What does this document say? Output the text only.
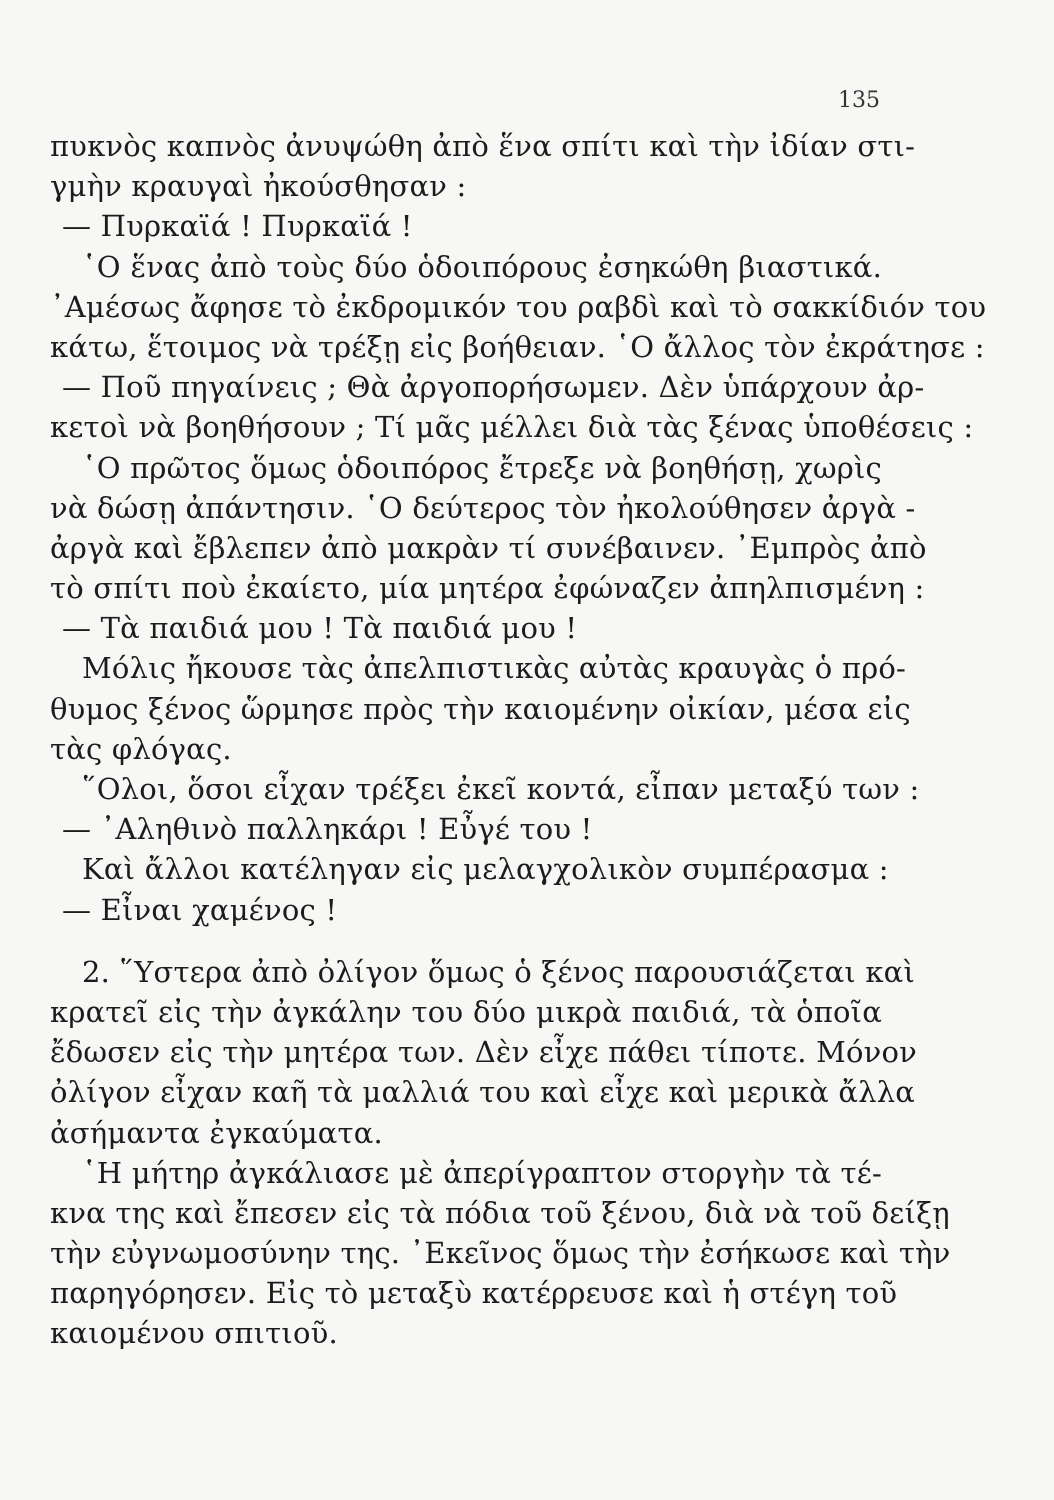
135
πυκνὸς καπνὸς ἀνυψώθη ἀπὸ ἕνα σπίτι καὶ τὴν ἰδίαν στι-
γμὴν κραυγαὶ ἠκούσθησαν :
— Πυρκαϊά ! Πυρκαϊά !
῾Ο ἕνας ἀπὸ τοὺς δύο ὁδοιπόρους ἐσηκώθη βιαστικά.
᾿Αμέσως ἄφησε τὸ ἐκδρομικόν του ραβδὶ καὶ τὸ σακκίδιόν του
κάτω, ἕτοιμος νὰ τρέξῃ εἰς βοήθειαν. ῾Ο ἄλλος τὸν ἐκράτησε :
— Ποῦ πηγαίνεις ; Θὰ ἀργοπορήσωμεν. Δὲν ὑπάρχουν ἀρ-
κετοὶ νὰ βοηθήσουν ; Τί μᾶς μέλλει διὰ τὰς ξένας ὑποθέσεις :
῾Ο πρῶτος ὅμως ὁδοιπόρος ἔτρεξε νὰ βοηθήσῃ, χωρὶς
νὰ δώσῃ ἀπάντησιν. ῾Ο δεύτερος τὸν ἠκολούθησεν ἀργὰ -
ἀργὰ καὶ ἔβλεπεν ἀπὸ μακρὰν τί συνέβαινεν. ᾿Εμπρὸς ἀπὸ
τὸ σπίτι ποὺ ἐκαίετο, μία μητέρα ἐφώναζεν ἀπηλπισμένη :
— Τὰ παιδιά μου ! Τὰ παιδιά μου !
Μόλις ἤκουσε τὰς ἀπελπιστικὰς αὐτὰς κραυγὰς ὁ πρό-
θυμος ξένος ὥρμησε πρὸς τὴν καιομένην οἰκίαν, μέσα εἰς
τὰς φλόγας.
῞Ολοι, ὅσοι εἶχαν τρέξει ἐκεῖ κοντά, εἶπαν μεταξύ των :
— ᾿Αληθινὸ παλληκάρι ! Εὖγέ του !
Καὶ ἄλλοι κατέληγαν εἰς μελαγχολικὸν συμπέρασμα :
— Εἶναι χαμένος !
2. ῞Υστερα ἀπὸ ὀλίγον ὅμως ὁ ξένος παρουσιάζεται καὶ
κρατεῖ εἰς τὴν ἀγκάλην του δύο μικρὰ παιδιά, τὰ ὁποῖα
ἔδωσεν εἰς τὴν μητέρα των. Δὲν εἶχε πάθει τίποτε. Μόνον
ὀλίγον εἶχαν καῆ τὰ μαλλιά του καὶ εἶχε καὶ μερικὰ ἄλλα
ἀσήμαντα ἐγκαύματα.
῾Η μήτηρ ἀγκάλιασε μὲ ἀπερίγραπτον στοργὴν τὰ τέ-
κνα της καὶ ἔπεσεν εἰς τὰ πόδια τοῦ ξένου, διὰ νὰ τοῦ δείξῃ
τὴν εὐγνωμοσύνην της. ᾿Εκεῖνος ὅμως τὴν ἐσήκωσε καὶ τὴν
παρηγόρησεν. Εἰς τὸ μεταξὺ κατέρρευσε καὶ ἡ στέγη τοῦ
καιομένου σπιτιοῦ.
